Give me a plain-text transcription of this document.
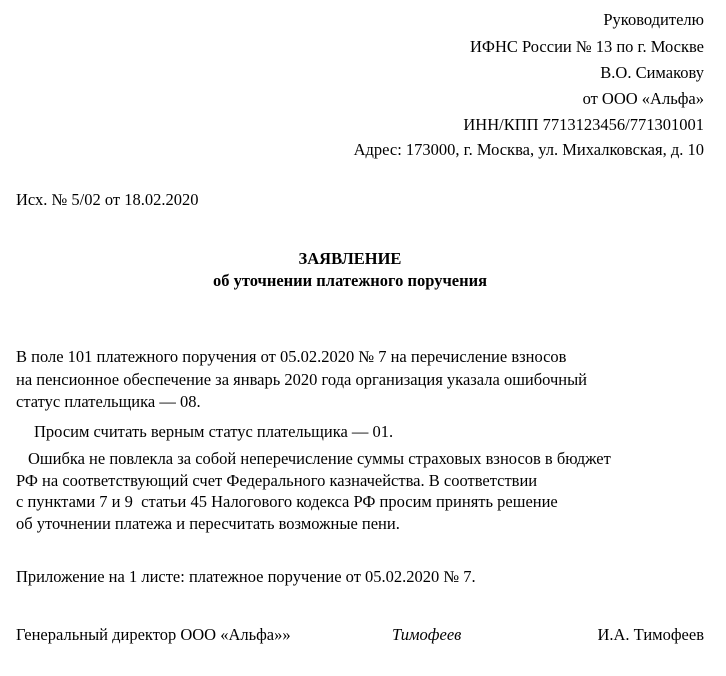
Руководителю
ИФНС России № 13 по г. Москве
В.О. Симакову
от ООО «Альфа»
ИНН/КПП 7713123456/771301001
Адрес: 173000, г. Москва, ул. Михалковская, д. 10
Исх. № 5/02 от 18.02.2020
ЗАЯВЛЕНИЕ
об уточнении платежного поручения
В поле 101 платежного поручения от 05.02.2020 № 7 на перечисление взносов
на пенсионное обеспечение за январь 2020 года организация указала ошибочный
статус плательщика — 08.
Просим считать верным статус плательщика — 01.
Ошибка не повлекла за собой неперечисление суммы страховых взносов в бюджет
РФ на соответствующий счет Федерального казначейства. В соответствии
с пунктами 7 и 9  статьи 45 Налогового кодекса РФ просим принять решение
об уточнении платежа и пересчитать возможные пени.
Приложение на 1 листе: платежное поручение от 05.02.2020 № 7.
Генеральный директор ООО «Альфа»»	Тимофеев	И.А. Тимофеев
